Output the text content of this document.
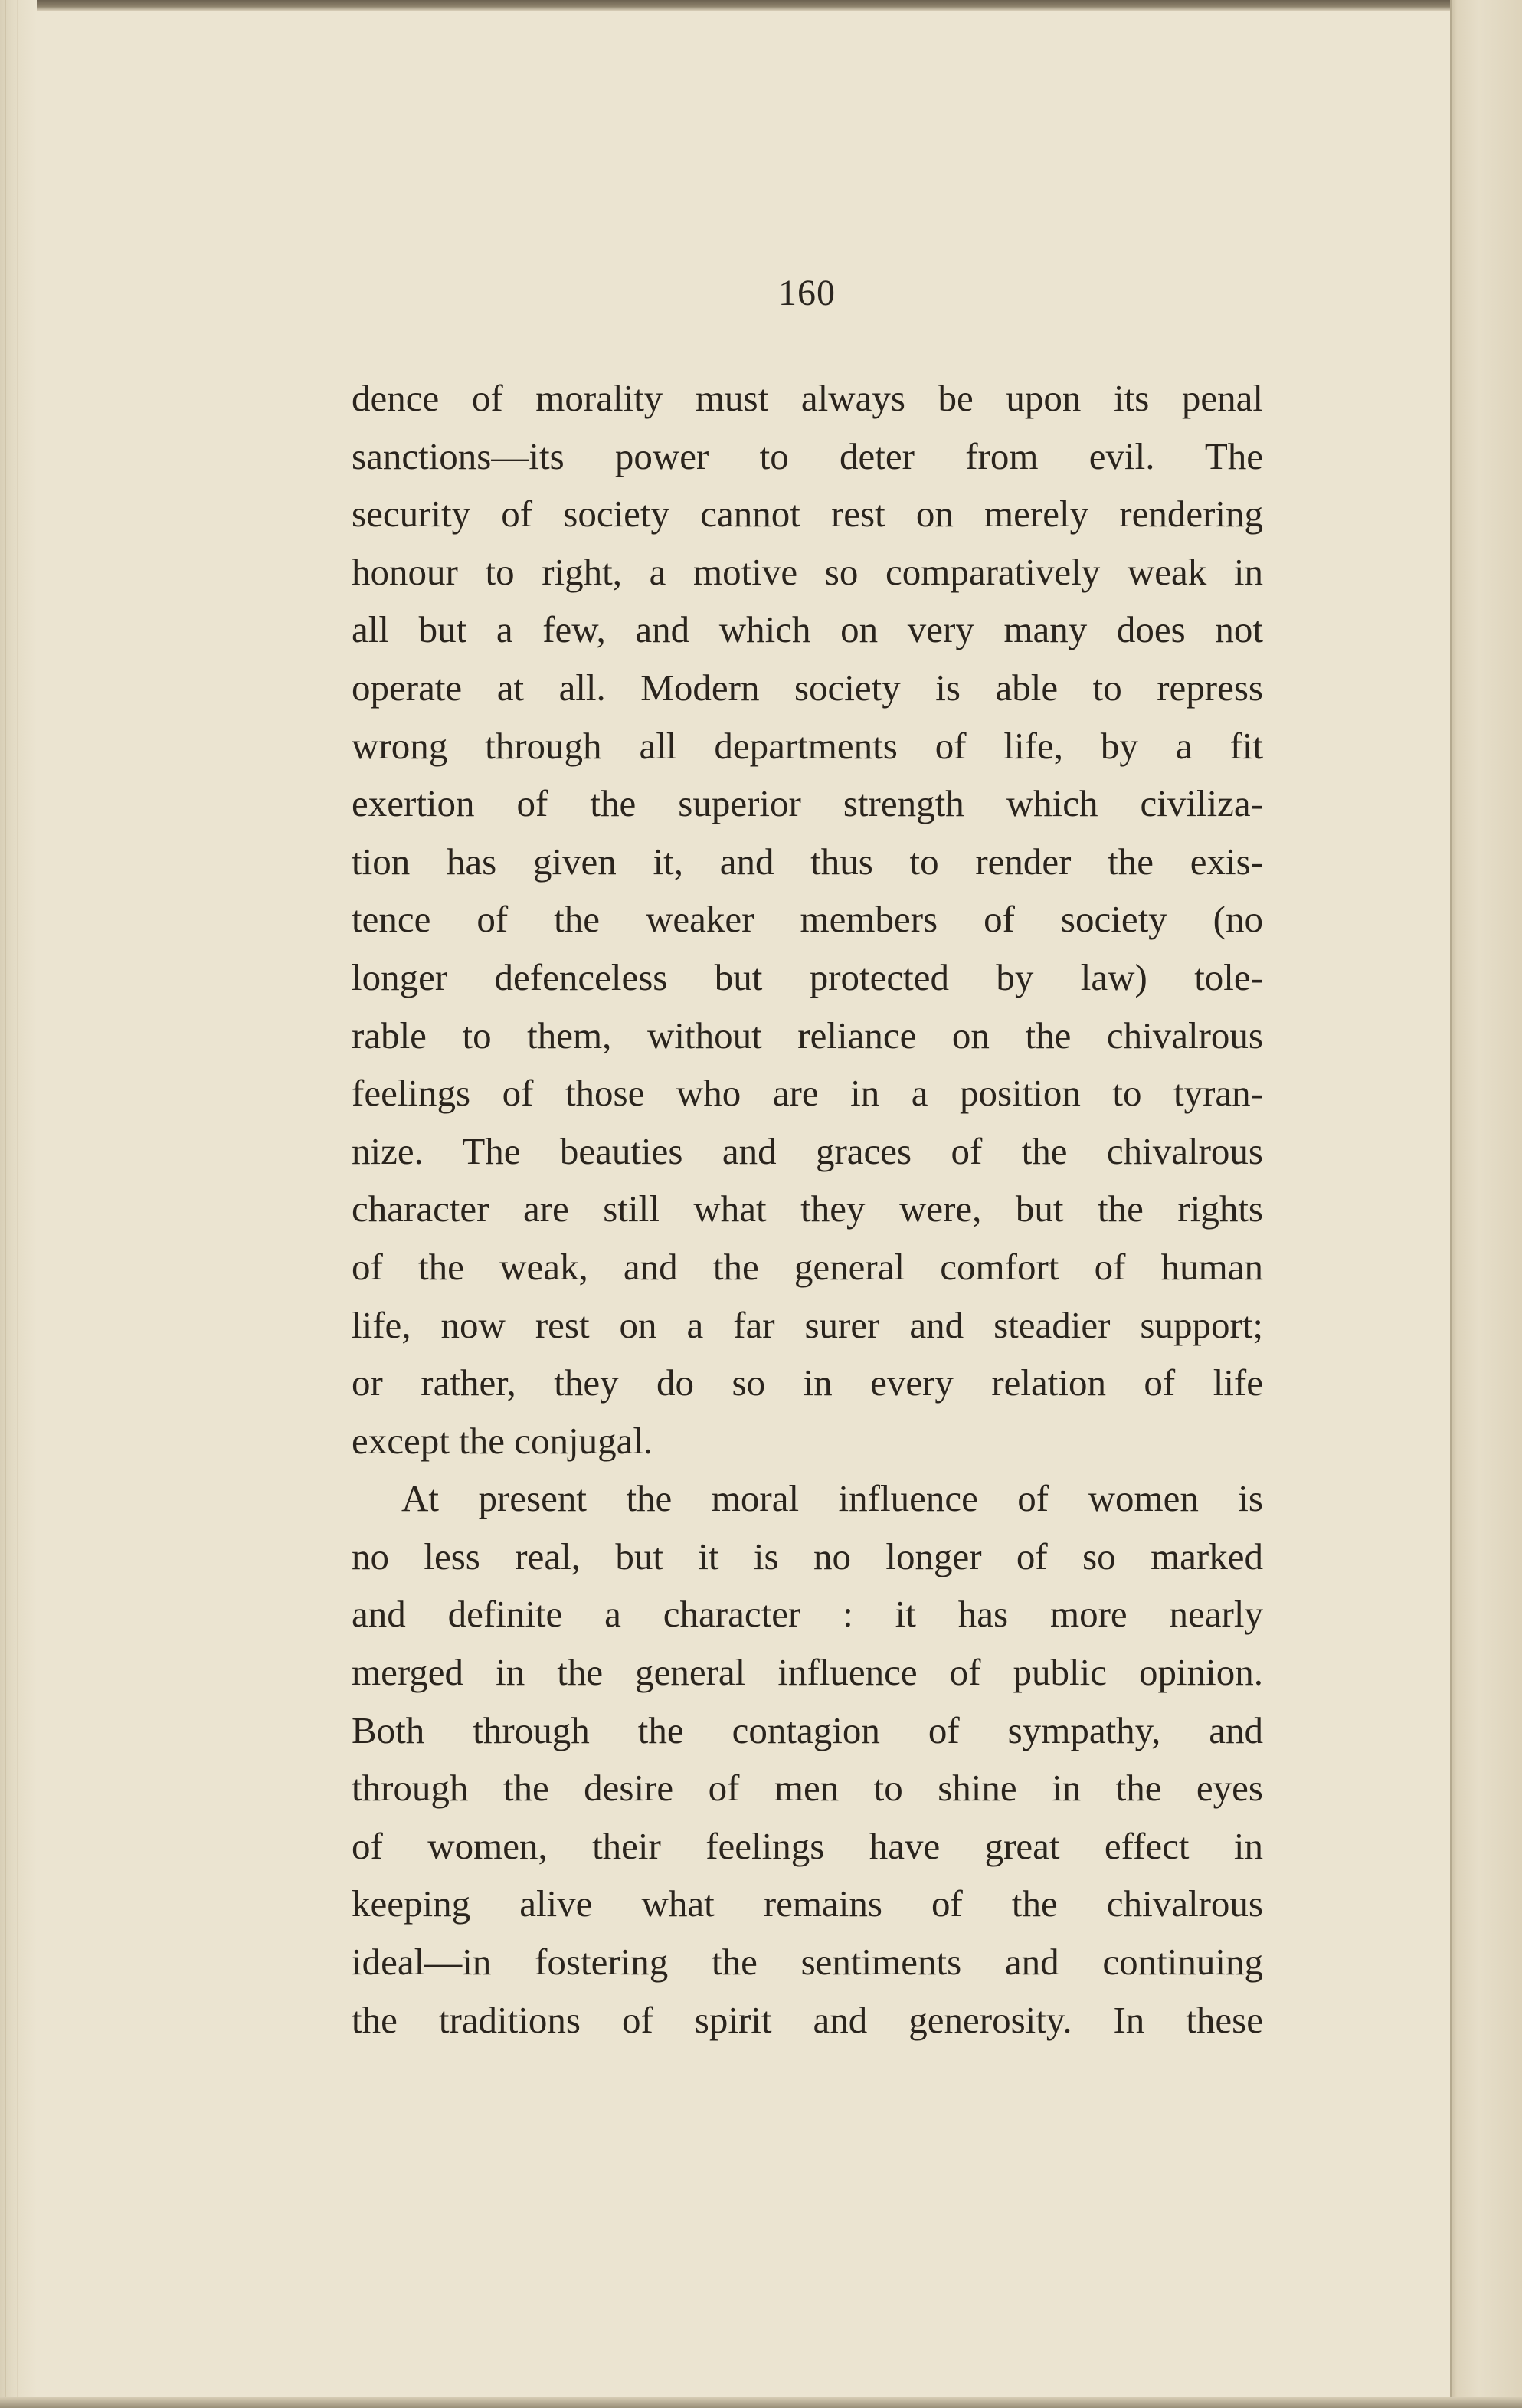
160
dence of morality must always be upon its penal
sanctions—its power to deter from evil. The
security of society cannot rest on merely rendering
honour to right, a motive so comparatively weak in
all but a few, and which on very many does not
operate at all. Modern society is able to repress
wrong through all departments of life, by a fit
exertion of the superior strength which civiliza-
tion has given it, and thus to render the exis-
tence of the weaker members of society (no
longer defenceless but protected by law) tole-
rable to them, without reliance on the chivalrous
feelings of those who are in a position to tyran-
nize. The beauties and graces of the chivalrous
character are still what they were, but the rights
of the weak, and the general comfort of human
life, now rest on a far surer and steadier support;
or rather, they do so in every relation of life
except the conjugal.
At present the moral influence of women is
no less real, but it is no longer of so marked
and definite a character : it has more nearly
merged in the general influence of public opinion.
Both through the contagion of sympathy, and
through the desire of men to shine in the eyes
of women, their feelings have great effect in
keeping alive what remains of the chivalrous
ideal—in fostering the sentiments and continuing
the traditions of spirit and generosity. In these
